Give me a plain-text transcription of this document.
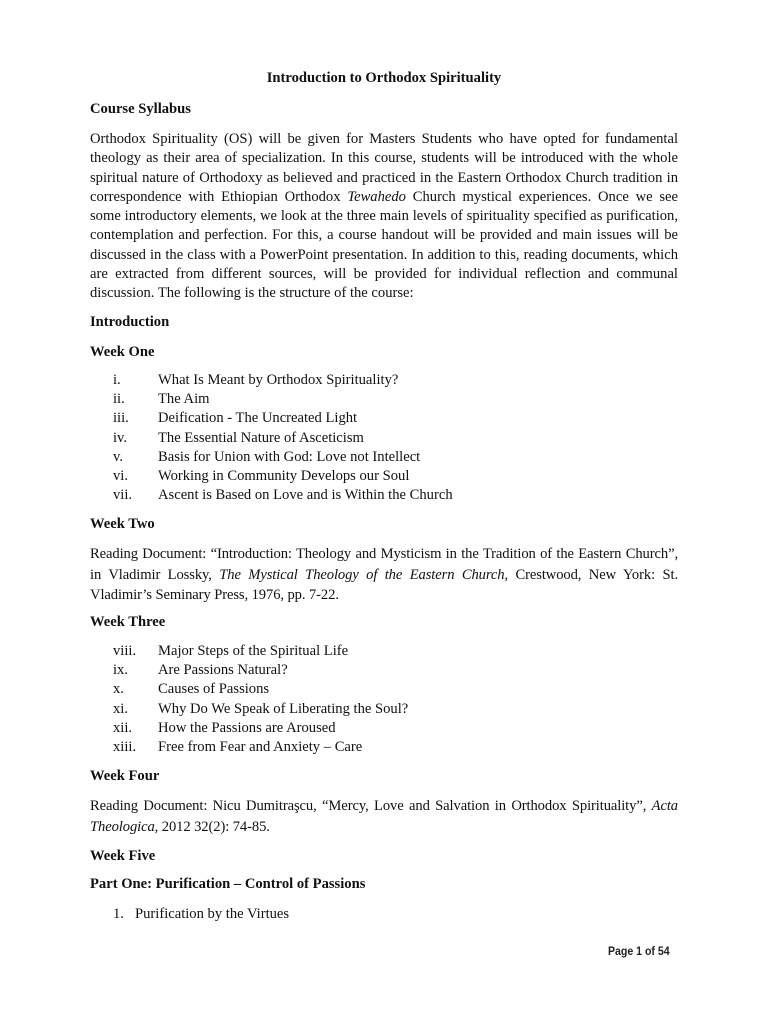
Introduction to Orthodox Spirituality
Course Syllabus
Orthodox Spirituality (OS) will be given for Masters Students who have opted for fundamental theology as their area of specialization. In this course, students will be introduced with the whole spiritual nature of Orthodoxy as believed and practiced in the Eastern Orthodox Church tradition in correspondence with Ethiopian Orthodox Tewahedo Church mystical experiences. Once we see some introductory elements, we look at the three main levels of spirituality specified as purification, contemplation and perfection. For this, a course handout will be provided and main issues will be discussed in the class with a PowerPoint presentation. In addition to this, reading documents, which are extracted from different sources, will be provided for individual reflection and communal discussion. The following is the structure of the course:
Introduction
Week One
i.	What Is Meant by Orthodox Spirituality?
ii. The Aim
iii. Deification - The Uncreated Light
iv. The Essential Nature of Asceticism
v. Basis for Union with God: Love not Intellect
vi. Working in Community Develops our Soul
vii. Ascent is Based on Love and is Within the Church
Week Two
Reading Document: “Introduction: Theology and Mysticism in the Tradition of the Eastern Church”, in Vladimir Lossky, The Mystical Theology of the Eastern Church, Crestwood, New York: St. Vladimir’s Seminary Press, 1976, pp. 7-22.
Week Three
viii. Major Steps of the Spiritual Life
ix. Are Passions Natural?
x. Causes of Passions
xi. Why Do We Speak of Liberating the Soul?
xii. How the Passions are Aroused
xiii. Free from Fear and Anxiety – Care
Week Four
Reading Document: Nicu Dumitraşcu, “Mercy, Love and Salvation in Orthodox Spirituality”, Acta Theologica, 2012 32(2): 74-85.
Week Five
Part One: Purification – Control of Passions
1. Purification by the Virtues
Page 1 of 54
